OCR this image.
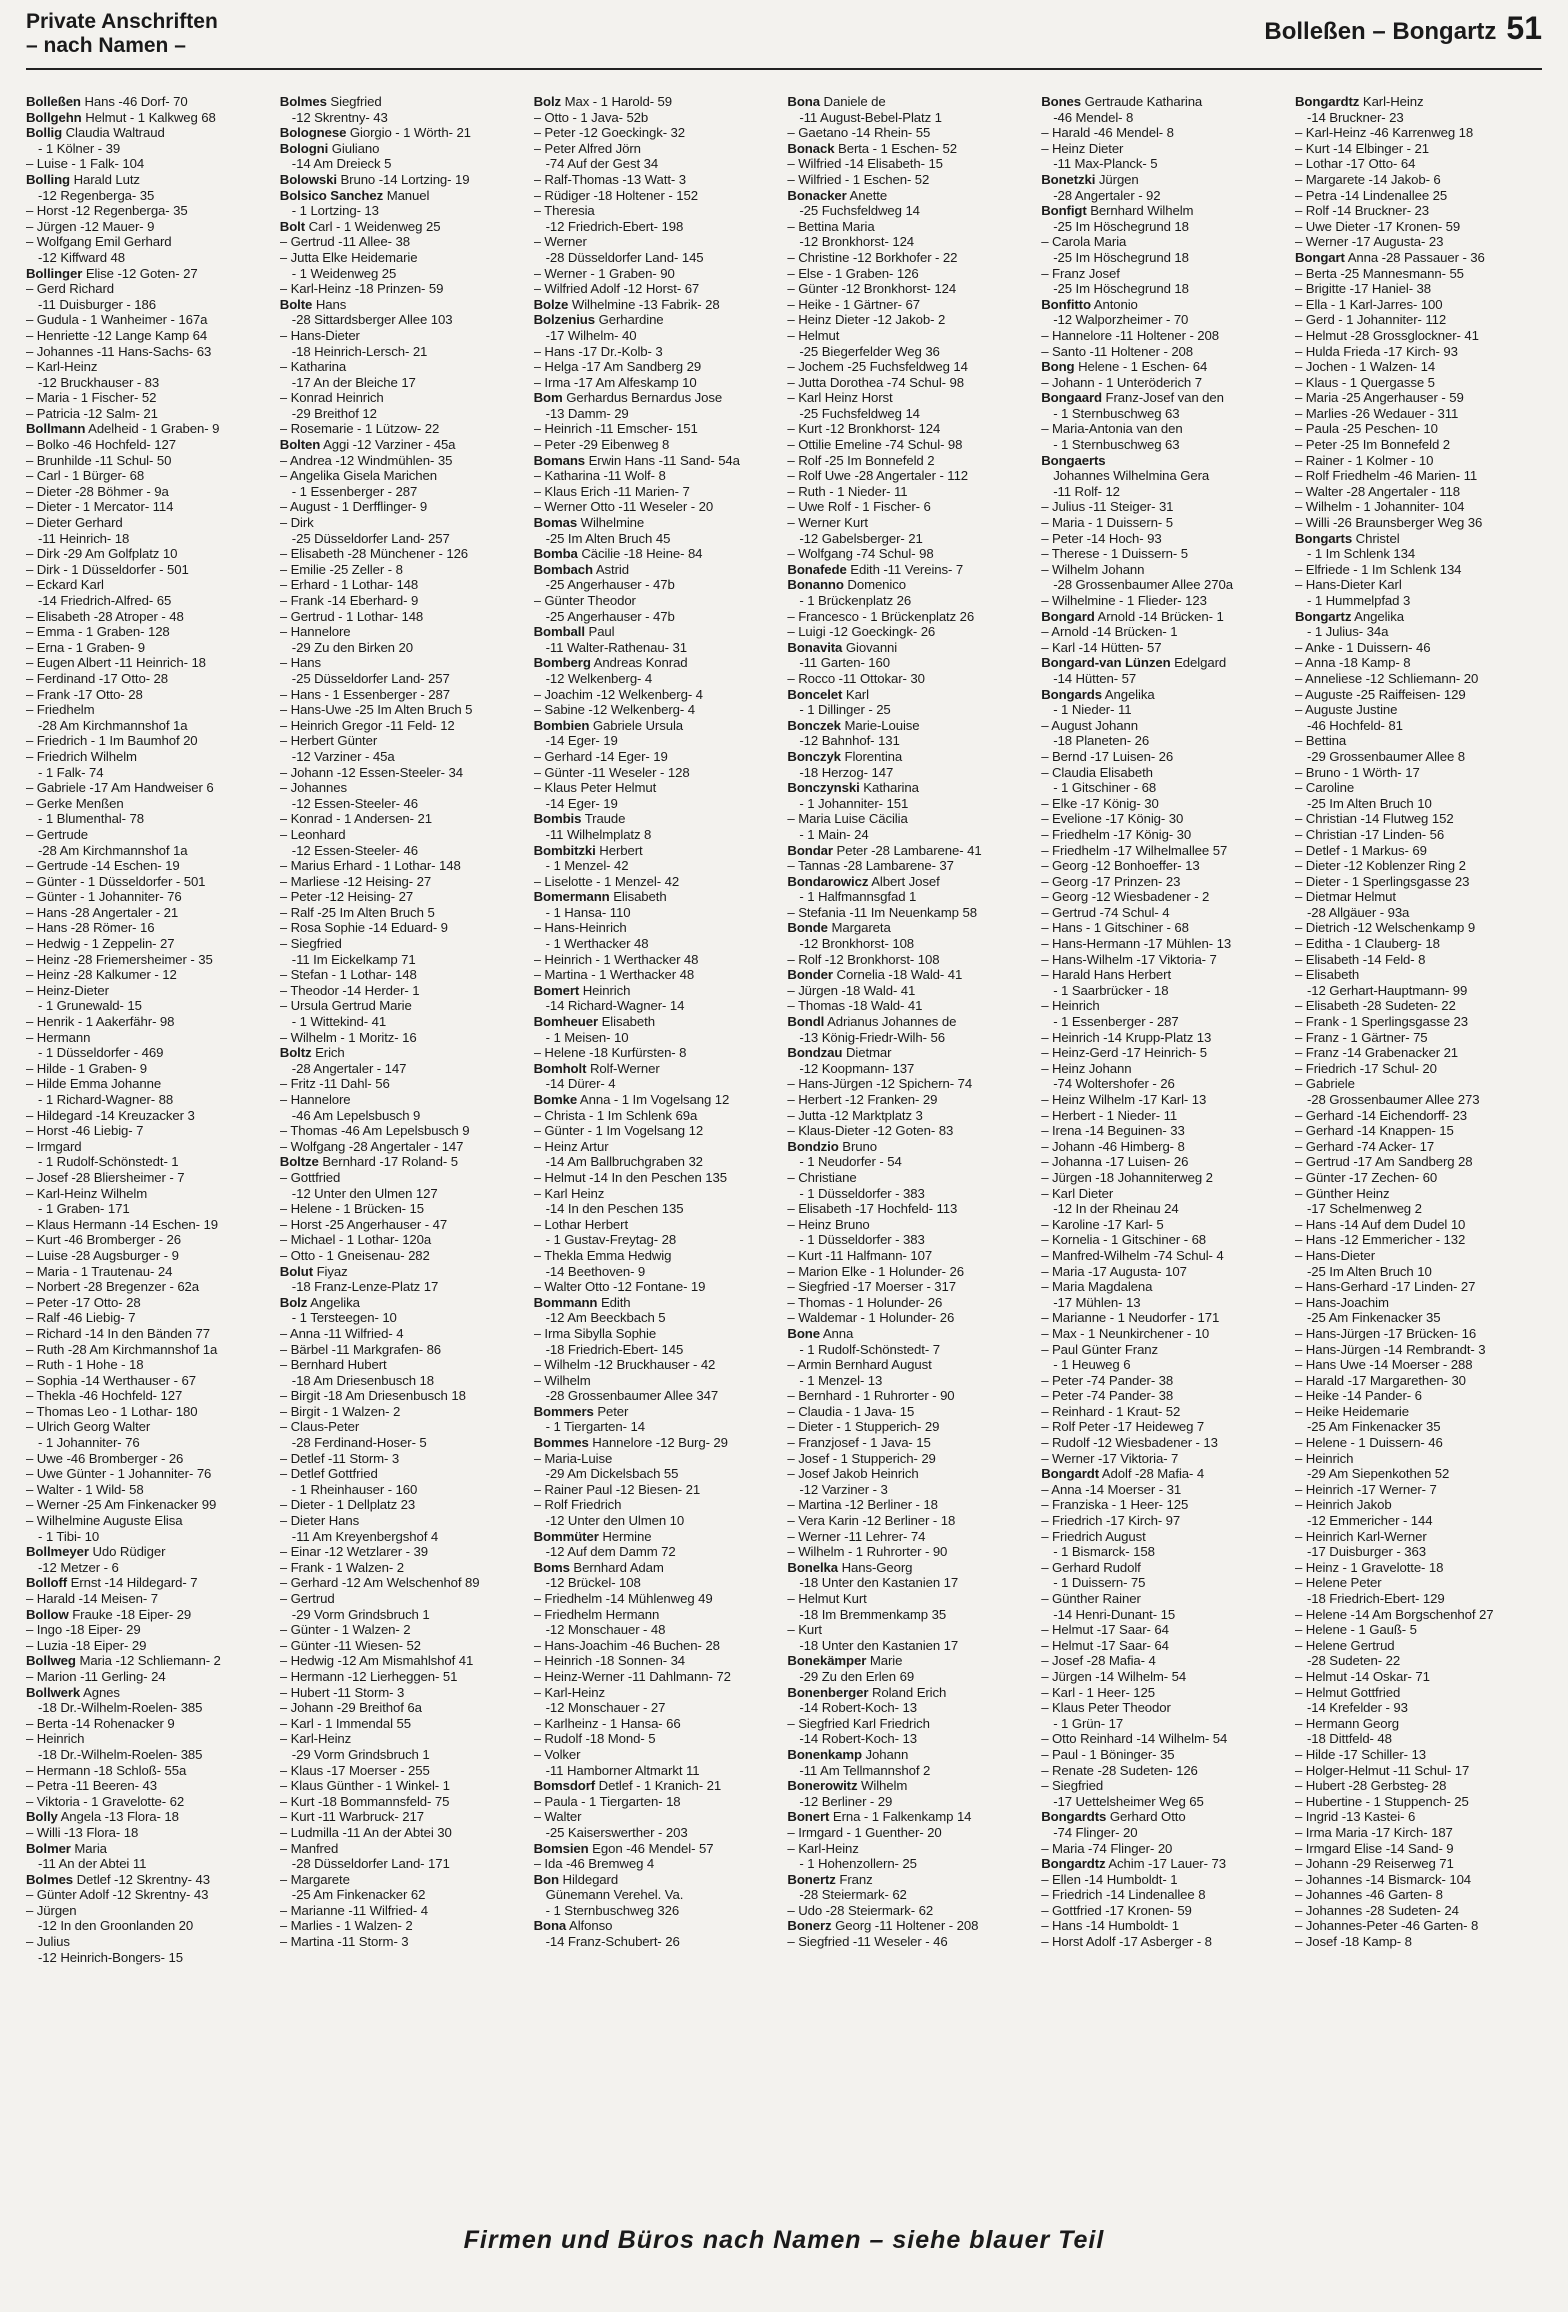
Private Anschriften
– nach Namen –
Bolleßen – Bongartz 51
Bolleßen Hans -46 Dorf- 70
Bollgehn Helmut - 1 Kalkweg 68
Bollig Claudia Waltraud
- 1 Kölner - 39
– Luise - 1 Falk- 104
Bolling Harald Lutz
-12 Regenberga- 35
– Horst -12 Regenberga- 35
– Jürgen -12 Mauer- 9
– Wolfgang Emil Gerhard
-12 Kiffward 48
Bollinger Elise -12 Goten- 27
– Gerd Richard
-11 Duisburger - 186
– Gudula - 1 Wanheimer - 167a
– Henriette -12 Lange Kamp 64
– Johannes -11 Hans-Sachs- 63
– Karl-Heinz
-12 Bruckhauser - 83
– Maria - 1 Fischer- 52
– Patricia -12 Salm- 21
Bollmann Adelheid - 1 Graben- 9
– Bolko -46 Hochfeld- 127
– Brunhilde -11 Schul- 50
– Carl - 1 Bürger- 68
– Dieter -28 Böhmer - 9a
– Dieter - 1 Mercator- 114
– Dieter Gerhard
-11 Heinrich- 18
– Dirk -29 Am Golfplatz 10
– Dirk - 1 Düsseldorfer - 501
– Eckard Karl
-14 Friedrich-Alfred- 65
– Elisabeth -28 Atroper - 48
– Emma - 1 Graben- 128
– Erna - 1 Graben- 9
– Eugen Albert -11 Heinrich- 18
– Ferdinand -17 Otto- 28
– Frank -17 Otto- 28
– Friedhelm
-28 Am Kirchmannshof 1a
– Friedrich - 1 Im Baumhof 20
– Friedrich Wilhelm
- 1 Falk- 74
– Gabriele -17 Am Handweiser 6
– Gerke Menßen
- 1 Blumenthal- 78
– Gertrude
-28 Am Kirchmannshof 1a
– Gertrude -14 Eschen- 19
– Günter - 1 Düsseldorfer - 501
– Günter - 1 Johanniter- 76
– Hans -28 Angertaler - 21
– Hans -28 Römer- 16
– Hedwig - 1 Zeppelin- 27
– Heinz -28 Friemersheimer - 35
– Heinz -28 Kalkumer - 12
– Heinz-Dieter
- 1 Grunewald- 15
– Henrik - 1 Aakerfähr- 98
– Hermann
- 1 Düsseldorfer - 469
– Hilde - 1 Graben- 9
– Hilde Emma Johanne
- 1 Richard-Wagner- 88
– Hildegard -14 Kreuzacker 3
– Horst -46 Liebig- 7
– Irmgard
- 1 Rudolf-Schönstedt- 1
– Josef -28 Bliersheimer - 7
– Karl-Heinz Wilhelm
- 1 Graben- 171
– Klaus Hermann -14 Eschen- 19
– Kurt -46 Bromberger - 26
– Luise -28 Augsburger - 9
– Maria - 1 Trautenau- 24
– Norbert -28 Bregenzer - 62a
– Peter -17 Otto- 28
– Ralf -46 Liebig- 7
– Richard -14 In den Bänden 77
– Ruth -28 Am Kirchmannshof 1a
– Ruth - 1 Hohe - 18
– Sophia -14 Werthauser - 67
– Thekla -46 Hochfeld- 127
– Thomas Leo - 1 Lothar- 180
– Ulrich Georg Walter
- 1 Johanniter- 76
– Uwe -46 Bromberger - 26
– Uwe Günter - 1 Johanniter- 76
– Walter - 1 Wild- 58
– Werner -25 Am Finkenacker 99
– Wilhelmine Auguste Elisa
- 1 Tibi- 10
Bollmeyer Udo Rüdiger
-12 Metzer - 6
Bolloff Ernst -14 Hildegard- 7
– Harald -14 Meisen- 7
Bollow Frauke -18 Eiper- 29
– Ingo -18 Eiper- 29
– Luzia -18 Eiper- 29
Bollweg Maria -12 Schliemann- 2
– Marion -11 Gerling- 24
Bollwerk Agnes
-18 Dr.-Wilhelm-Roelen- 385
– Berta -14 Rohenacker 9
– Heinrich
-18 Dr.-Wilhelm-Roelen- 385
– Hermann -18 Schloß- 55a
– Petra -11 Beeren- 43
– Viktoria - 1 Gravelotte- 62
Bolly Angela -13 Flora- 18
– Willi -13 Flora- 18
Bolmer Maria
-11 An der Abtei 11
Bolmes Detlef -12 Skrentny- 43
– Günter Adolf -12 Skrentny- 43
– Jürgen
-12 In den Groonlanden 20
– Julius
-12 Heinrich-Bongers- 15
Bolmes Siegfried
-12 Skrentny- 43
Bolognese Giorgio - 1 Wörth- 21
Bologni Giuliano
-14 Am Dreieck 5
Bolowski Bruno -14 Lortzing- 19
Bolsico Sanchez Manuel
- 1 Lortzing- 13
Bolt Carl - 1 Weidenweg 25
– Gertrud -11 Allee- 38
– Jutta Elke Heidemarie
- 1 Weidenweg 25
– Karl-Heinz -18 Prinzen- 59
Bolte Hans
-28 Sittardsberger Allee 103
– Hans-Dieter
-18 Heinrich-Lersch- 21
– Katharina
-17 An der Bleiche 17
– Konrad Heinrich
-29 Breithof 12
– Rosemarie - 1 Lützow- 22
Bolten Aggi -12 Varziner - 45a
– Andrea -12 Windmühlen- 35
– Angelika Gisela Marichen
- 1 Essenberger - 287
– August - 1 Derfflinger- 9
– Dirk
-25 Düsseldorfer Land- 257
– Elisabeth -28 Münchener - 126
– Emilie -25 Zeller - 8
– Erhard - 1 Lothar- 148
– Frank -14 Eberhard- 9
– Gertrud - 1 Lothar- 148
– Hannelore
-29 Zu den Birken 20
– Hans
-25 Düsseldorfer Land- 257
– Hans - 1 Essenberger - 287
– Hans-Uwe -25 Im Alten Bruch 5
– Heinrich Gregor -11 Feld- 12
– Herbert Günter
-12 Varziner - 45a
– Johann -12 Essen-Steeler- 34
– Johannes
-12 Essen-Steeler- 46
– Konrad - 1 Andersen- 21
– Leonhard
-12 Essen-Steeler- 46
– Marius Erhard - 1 Lothar- 148
– Marliese -12 Heising- 27
– Peter -12 Heising- 27
– Ralf -25 Im Alten Bruch 5
– Rosa Sophie -14 Eduard- 9
– Siegfried
-11 Im Eickelkamp 71
– Stefan - 1 Lothar- 148
– Theodor -14 Herder- 1
– Ursula Gertrud Marie
- 1 Wittekind- 41
– Wilhelm - 1 Moritz- 16
Boltz Erich
-28 Angertaler - 147
– Fritz -11 Dahl- 56
– Hannelore
-46 Am Lepelsbusch 9
– Thomas -46 Am Lepelsbusch 9
– Wolfgang -28 Angertaler - 147
Boltze Bernhard -17 Roland- 5
– Gottfried
-12 Unter den Ulmen 127
– Helene - 1 Brücken- 15
– Horst -25 Angerhauser - 47
– Michael - 1 Lothar- 120a
– Otto - 1 Gneisenau- 282
Bolut Fiyaz
-18 Franz-Lenze-Platz 17
Bolz Angelika
- 1 Tersteegen- 10
– Anna -11 Wilfried- 4
– Bärbel -11 Markgrafen- 86
– Bernhard Hubert
-18 Am Driesenbusch 18
– Birgit -18 Am Driesenbusch 18
– Birgit - 1 Walzen- 2
– Claus-Peter
-28 Ferdinand-Hoser- 5
– Detlef -11 Storm- 3
– Detlef Gottfried
- 1 Rheinhauser - 160
– Dieter - 1 Dellplatz 23
– Dieter Hans
-11 Am Kreyenbergshof 4
– Einar -12 Wetzlarer - 39
– Frank - 1 Walzen- 2
– Gerhard -12 Am Welschenhof 89
– Gertrud
-29 Vorm Grindsbruch 1
– Günter - 1 Walzen- 2
– Günter -11 Wiesen- 52
– Hedwig -12 Am Mismahlshof 41
– Hermann -12 Lierheggen- 51
– Hubert -11 Storm- 3
– Johann -29 Breithof 6a
– Karl - 1 Immendal 55
– Karl-Heinz
-29 Vorm Grindsbruch 1
– Klaus -17 Moerser - 255
– Klaus Günther - 1 Winkel- 1
– Kurt -18 Bommannsfeld- 75
– Kurt -11 Warbruck- 217
– Ludmilla -11 An der Abtei 30
– Manfred
-28 Düsseldorfer Land- 171
– Margarete
-25 Am Finkenacker 62
– Marianne -11 Wilfried- 4
– Marlies - 1 Walzen- 2
– Martina -11 Storm- 3
Bolz Max - 1 Harold- 59
– Otto - 1 Java- 52b
– Peter -12 Goeckingk- 32
– Peter Alfred Jörn
-74 Auf der Gest 34
– Ralf-Thomas -13 Watt- 3
– Rüdiger -18 Holtener - 152
– Theresia
-12 Friedrich-Ebert- 198
– Werner
-28 Düsseldorfer Land- 145
– Werner - 1 Graben- 90
– Wilfried Adolf -12 Horst- 67
Bolze Wilhelmine -13 Fabrik- 28
Bolzenius Gerhardine
-17 Wilhelm- 40
– Hans -17 Dr.-Kolb- 3
– Helga -17 Am Sandberg 29
– Irma -17 Am Alfeskamp 10
Bom Gerhardus Bernardus Jose
-13 Damm- 29
– Heinrich -11 Emscher- 151
– Peter -29 Eibenweg 8
Bomans Erwin Hans -11 Sand- 54a
– Katharina -11 Wolf- 8
– Klaus Erich -11 Marien- 7
– Werner Otto -11 Weseler - 20
Bomas Wilhelmine
-25 Im Alten Bruch 45
Bomba Cäcilie -18 Heine- 84
Bombach Astrid
-25 Angerhauser - 47b
– Günter Theodor
-25 Angerhauser - 47b
Bomball Paul
-11 Walter-Rathenau- 31
Bomberg Andreas Konrad
-12 Welkenberg- 4
– Joachim -12 Welkenberg- 4
– Sabine -12 Welkenberg- 4
Bombien Gabriele Ursula
-14 Eger- 19
– Gerhard -14 Eger- 19
– Günter -11 Weseler - 128
– Klaus Peter Helmut
-14 Eger- 19
Bombis Traude
-11 Wilhelmplatz 8
Bombitzki Herbert
- 1 Menzel- 42
– Liselotte - 1 Menzel- 42
Bomermann Elisabeth
- 1 Hansa- 110
– Hans-Heinrich
- 1 Werthacker 48
– Heinrich - 1 Werthacker 48
– Martina - 1 Werthacker 48
Bomert Heinrich
-14 Richard-Wagner- 14
Bomheuer Elisabeth
- 1 Meisen- 10
– Helene -18 Kurfürsten- 8
Bomholt Rolf-Werner
-14 Dürer- 4
Bomke Anna - 1 Im Vogelsang 12
– Christa - 1 Im Schlenk 69a
– Günter - 1 Im Vogelsang 12
– Heinz Artur
-14 Am Ballbruchgraben 32
– Helmut -14 In den Peschen 135
– Karl Heinz
-14 In den Peschen 135
– Lothar Herbert
- 1 Gustav-Freytag- 28
– Thekla Emma Hedwig
-14 Beethoven- 9
– Walter Otto -12 Fontane- 19
Bommann Edith
-12 Am Beeckbach 5
– Irma Sibylla Sophie
-18 Friedrich-Ebert- 145
– Wilhelm -12 Bruckhauser - 42
– Wilhelm
-28 Grossenbaumer Allee 347
Bommers Peter
- 1 Tiergarten- 14
Bommes Hannelore -12 Burg- 29
– Maria-Luise
-29 Am Dickelsbach 55
– Rainer Paul -12 Biesen- 21
– Rolf Friedrich
-12 Unter den Ulmen 10
Bommüter Hermine
-12 Auf dem Damm 72
Boms Bernhard Adam
-12 Brückel- 108
– Friedhelm -14 Mühlenweg 49
– Friedhelm Hermann
-12 Monschauer - 48
– Hans-Joachim -46 Buchen- 28
– Heinrich -18 Sonnen- 34
– Heinz-Werner -11 Dahlmann- 72
– Karl-Heinz
-12 Monschauer - 27
– Karlheinz - 1 Hansa- 66
– Rudolf -18 Mond- 5
– Volker
-11 Hamborner Altmarkt 11
Bomsdorf Detlef - 1 Kranich- 21
– Paula - 1 Tiergarten- 18
– Walter
-25 Kaiserswerther - 203
Bomsien Egon -46 Mendel- 57
– Ida -46 Bremweg 4
Bon Hildegard
Günemann Verehel. Va.
- 1 Sternbuschweg 326
Bona Alfonso
-14 Franz-Schubert- 26
Bona Daniele de
-11 August-Bebel-Platz 1
– Gaetano -14 Rhein- 55
Bonack Berta - 1 Eschen- 52
– Wilfried -14 Elisabeth- 15
– Wilfried - 1 Eschen- 52
Bonacker Anette
-25 Fuchsfeldweg 14
– Bettina Maria
-12 Bronkhorst- 124
– Christine -12 Borkhofer - 22
– Else - 1 Graben- 126
– Günter -12 Bronkhorst- 124
– Heike - 1 Gärtner- 67
– Heinz Dieter -12 Jakob- 2
– Helmut
-25 Biegerfelder Weg 36
– Jochem -25 Fuchsfeldweg 14
– Jutta Dorothea -74 Schul- 98
– Karl Heinz Horst
-25 Fuchsfeldweg 14
– Kurt -12 Bronkhorst- 124
– Ottilie Emeline -74 Schul- 98
– Rolf -25 Im Bonnefeld 2
– Rolf Uwe -28 Angertaler - 112
– Ruth - 1 Nieder- 11
– Uwe Rolf - 1 Fischer- 6
– Werner Kurt
-12 Gabelsberger- 21
– Wolfgang -74 Schul- 98
Bonafede Edith -11 Vereins- 7
Bonanno Domenico
- 1 Brückenplatz 26
– Francesco - 1 Brückenplatz 26
– Luigi -12 Goeckingk- 26
Bonavita Giovanni
-11 Garten- 160
– Rocco -11 Ottokar- 30
Boncelet Karl
- 1 Dillinger - 25
Bonczek Marie-Louise
-12 Bahnhof- 131
Bonczyk Florentina
-18 Herzog- 147
Bonczynski Katharina
- 1 Johanniter- 151
– Maria Luise Cäcilia
- 1 Main- 24
Bondar Peter -28 Lambarene- 41
– Tannas -28 Lambarene- 37
Bondarowicz Albert Josef
- 1 Halfmannsgfad 1
– Stefania -11 Im Neuenkamp 58
Bonde Margareta
-12 Bronkhorst- 108
– Rolf -12 Bronkhorst- 108
Bonder Cornelia -18 Wald- 41
– Jürgen -18 Wald- 41
– Thomas -18 Wald- 41
Bondl Adrianus Johannes de
-13 König-Friedr-Wilh- 56
Bondzau Dietmar
-12 Koopmann- 137
– Hans-Jürgen -12 Spichern- 74
– Herbert -12 Franken- 29
– Jutta -12 Marktplatz 3
– Klaus-Dieter -12 Goten- 83
Bondzio Bruno
- 1 Neudorfer - 54
– Christiane
- 1 Düsseldorfer - 383
– Elisabeth -17 Hochfeld- 113
– Heinz Bruno
- 1 Düsseldorfer - 383
– Kurt -11 Halfmann- 107
– Marion Elke - 1 Holunder- 26
– Siegfried -17 Moerser - 317
– Thomas - 1 Holunder- 26
– Waldemar - 1 Holunder- 26
Bone Anna
- 1 Rudolf-Schönstedt- 7
– Armin Bernhard August
- 1 Menzel- 13
– Bernhard - 1 Ruhrorter - 90
– Claudia - 1 Java- 15
– Dieter - 1 Stupperich- 29
– Franzjosef - 1 Java- 15
– Josef - 1 Stupperich- 29
– Josef Jakob Heinrich
-12 Varziner - 3
– Martina -12 Berliner - 18
– Vera Karin -12 Berliner - 18
– Werner -11 Lehrer- 74
– Wilhelm - 1 Ruhrorter - 90
Bonelka Hans-Georg
-18 Unter den Kastanien 17
– Helmut Kurt
-18 Im Bremmenkamp 35
– Kurt
-18 Unter den Kastanien 17
Bonekämper Marie
-29 Zu den Erlen 69
Bonenberger Roland Erich
-14 Robert-Koch- 13
– Siegfried Karl Friedrich
-14 Robert-Koch- 13
Bonenkamp Johann
-11 Am Tellmannshof 2
Bonerowitz Wilhelm
-12 Berliner - 29
Bonert Erna - 1 Falkenkamp 14
– Irmgard - 1 Guenther- 20
– Karl-Heinz
- 1 Hohenzollern- 25
Bonertz Franz
-28 Steiermark- 62
– Udo -28 Steiermark- 62
Bonerz Georg -11 Holtener - 208
– Siegfried -11 Weseler - 46
Bones Gertraude Katharina
-46 Mendel- 8
– Harald -46 Mendel- 8
– Heinz Dieter
-11 Max-Planck- 5
Bonetzki Jürgen
-28 Angertaler - 92
Bonfigt Bernhard Wilhelm
-25 Im Höschegrund 18
– Carola Maria
-25 Im Höschegrund 18
– Franz Josef
-25 Im Höschegrund 18
Bonfitto Antonio
-12 Walporzheimer - 70
– Hannelore -11 Holtener - 208
– Santo -11 Holtener - 208
Bong Helene - 1 Eschen- 64
– Johann - 1 Unteröderich 7
Bongaard Franz-Josef van den
- 1 Sternbuschweg 63
– Maria-Antonia van den
- 1 Sternbuschweg 63
Bongaerts
Johannes Wilhelmina Gera
-11 Rolf- 12
– Julius -11 Steiger- 31
– Maria - 1 Duissern- 5
– Peter -14 Hoch- 93
– Therese - 1 Duissern- 5
– Wilhelm Johann
-28 Grossenbaumer Allee 270a
– Wilhelmine - 1 Flieder- 123
Bongard Arnold -14 Brücken- 1
– Arnold -14 Brücken- 1
– Karl -14 Hütten- 57
Bongard-van Lünzen Edelgard
-14 Hütten- 57
Bongards Angelika
- 1 Nieder- 11
– August Johann
-18 Planeten- 26
– Bernd -17 Luisen- 26
– Claudia Elisabeth
- 1 Gitschiner - 68
– Elke -17 König- 30
– Evelione -17 König- 30
– Friedhelm -17 König- 30
– Friedhelm -17 Wilhelmallee 57
– Georg -12 Bonhoeffer- 13
– Georg -17 Prinzen- 23
– Georg -12 Wiesbadener - 2
– Gertrud -74 Schul- 4
– Hans - 1 Gitschiner - 68
– Hans-Hermann -17 Mühlen- 13
– Hans-Wilhelm -17 Viktoria- 7
– Harald Hans Herbert
- 1 Saarbrücker - 18
– Heinrich
- 1 Essenberger - 287
– Heinrich -14 Krupp-Platz 13
– Heinz-Gerd -17 Heinrich- 5
– Heinz Johann
-74 Woltershofer - 26
– Heinz Wilhelm -17 Karl- 13
– Herbert - 1 Nieder- 11
– Irena -14 Beguinen- 33
– Johann -46 Himberg- 8
– Johanna -17 Luisen- 26
– Jürgen -18 Johanniterweg 2
– Karl Dieter
-12 In der Rheinau 24
– Karoline -17 Karl- 5
– Kornelia - 1 Gitschiner - 68
– Manfred-Wilhelm -74 Schul- 4
– Maria -17 Augusta- 107
– Maria Magdalena
-17 Mühlen- 13
– Marianne - 1 Neudorfer - 171
– Max - 1 Neunkirchener - 10
– Paul Günter Franz
- 1 Heuweg 6
– Peter -74 Pander- 38
– Peter -74 Pander- 38
– Reinhard - 1 Kraut- 52
– Rolf Peter -17 Heideweg 7
– Rudolf -12 Wiesbadener - 13
– Werner -17 Viktoria- 7
Bongardt Adolf -28 Mafia- 4
– Anna -14 Moerser - 31
– Franziska - 1 Heer- 125
– Friedrich -17 Kirch- 97
– Friedrich August
- 1 Bismarck- 158
– Gerhard Rudolf
- 1 Duissern- 75
– Günther Rainer
-14 Henri-Dunant- 15
– Helmut -17 Saar- 64
– Helmut -17 Saar- 64
– Josef -28 Mafia- 4
– Jürgen -14 Wilhelm- 54
– Karl - 1 Heer- 125
– Klaus Peter Theodor
- 1 Grün- 17
– Otto Reinhard -14 Wilhelm- 54
– Paul - 1 Böninger- 35
– Renate -28 Sudeten- 126
– Siegfried
-17 Uettelsheimer Weg 65
Bongardts Gerhard Otto
-74 Flinger- 20
– Maria -74 Flinger- 20
Bongardtz Achim -17 Lauer- 73
– Ellen -14 Humboldt- 1
– Friedrich -14 Lindenallee 8
– Gottfried -17 Kronen- 59
– Hans -14 Humboldt- 1
– Horst Adolf -17 Asberger - 8
Bongardtz Karl-Heinz
-14 Bruckner- 23
– Karl-Heinz -46 Karrenweg 18
– Kurt -14 Elbinger - 21
– Lothar -17 Otto- 64
– Margarete -14 Jakob- 6
– Petra -14 Lindenallee 25
– Rolf -14 Bruckner- 23
– Uwe Dieter -17 Kronen- 59
– Werner -17 Augusta- 23
Bongart Anna -28 Passauer - 36
– Berta -25 Mannesmann- 55
– Brigitte -17 Haniel- 38
– Ella - 1 Karl-Jarres- 100
– Gerd - 1 Johanniter- 112
– Helmut -28 Grossglockner- 41
– Hulda Frieda -17 Kirch- 93
– Jochen - 1 Walzen- 14
– Klaus - 1 Quergasse 5
– Maria -25 Angerhauser - 59
– Marlies -26 Wedauer - 311
– Paula -25 Peschen- 10
– Peter -25 Im Bonnefeld 2
– Rainer - 1 Kolmer - 10
– Rolf Friedhelm -46 Marien- 11
– Walter -28 Angertaler - 118
– Wilhelm - 1 Johanniter- 104
– Willi -26 Braunsberger Weg 36
Bongarts Christel
- 1 Im Schlenk 134
– Elfriede - 1 Im Schlenk 134
– Hans-Dieter Karl
- 1 Hummelpfad 3
Bongartz Angelika
- 1 Julius- 34a
– Anke - 1 Duissern- 46
– Anna -18 Kamp- 8
– Anneliese -12 Schliemann- 20
– Auguste -25 Raiffeisen- 129
– Auguste Justine
-46 Hochfeld- 81
– Bettina
-29 Grossenbaumer Allee 8
– Bruno - 1 Wörth- 17
– Caroline
-25 Im Alten Bruch 10
– Christian -14 Flutweg 152
– Christian -17 Linden- 56
– Detlef - 1 Markus- 69
– Dieter -12 Koblenzer Ring 2
– Dieter - 1 Sperlingsgasse 23
– Dietmar Helmut
-28 Allgäuer - 93a
– Dietrich -12 Welschenkamp 9
– Editha - 1 Clauberg- 18
– Elisabeth -14 Feld- 8
– Elisabeth
-12 Gerhart-Hauptmann- 99
– Elisabeth -28 Sudeten- 22
– Frank - 1 Sperlingsgasse 23
– Franz - 1 Gärtner- 75
– Franz -14 Grabenacker 21
– Friedrich -17 Schul- 20
– Gabriele
-28 Grossenbaumer Allee 273
– Gerhard -14 Eichendorff- 23
– Gerhard -14 Knappen- 15
– Gerhard -74 Acker- 17
– Gertrud -17 Am Sandberg 28
– Günter -17 Zechen- 60
– Günther Heinz
-17 Schelmenweg 2
– Hans -14 Auf dem Dudel 10
– Hans -12 Emmericher - 132
– Hans-Dieter
-25 Im Alten Bruch 10
– Hans-Gerhard -17 Linden- 27
– Hans-Joachim
-25 Am Finkenacker 35
– Hans-Jürgen -17 Brücken- 16
– Hans-Jürgen -14 Rembrandt- 3
– Hans Uwe -14 Moerser - 288
– Harald -17 Margarethen- 30
– Heike -14 Pander- 6
– Heike Heidemarie
-25 Am Finkenacker 35
– Helene - 1 Duissern- 46
– Heinrich
-29 Am Siepenkothen 52
– Heinrich -17 Werner- 7
– Heinrich Jakob
-12 Emmericher - 144
– Heinrich Karl-Werner
-17 Duisburger - 363
– Heinz - 1 Gravelotte- 18
– Helene Peter
-18 Friedrich-Ebert- 129
– Helene -14 Am Borgschenhof 27
– Helene - 1 Gauß- 5
– Helene Gertrud
-28 Sudeten- 22
– Helmut -14 Oskar- 71
– Helmut Gottfried
-14 Krefelder - 93
– Hermann Georg
-18 Dittfeld- 48
– Hilde -17 Schiller- 13
– Holger-Helmut -11 Schul- 17
– Hubert -28 Gerbsteg- 28
– Hubertine - 1 Stuppench- 25
– Ingrid -13 Kastei- 6
– Irma Maria -17 Kirch- 187
– Irmgard Elise -14 Sand- 9
– Johann -29 Reiserweg 71
– Johannes -14 Bismarck- 104
– Johannes -46 Garten- 8
– Johannes -28 Sudeten- 24
– Johannes-Peter -46 Garten- 8
– Josef -18 Kamp- 8
Firmen und Büros nach Namen – siehe blauer Teil
